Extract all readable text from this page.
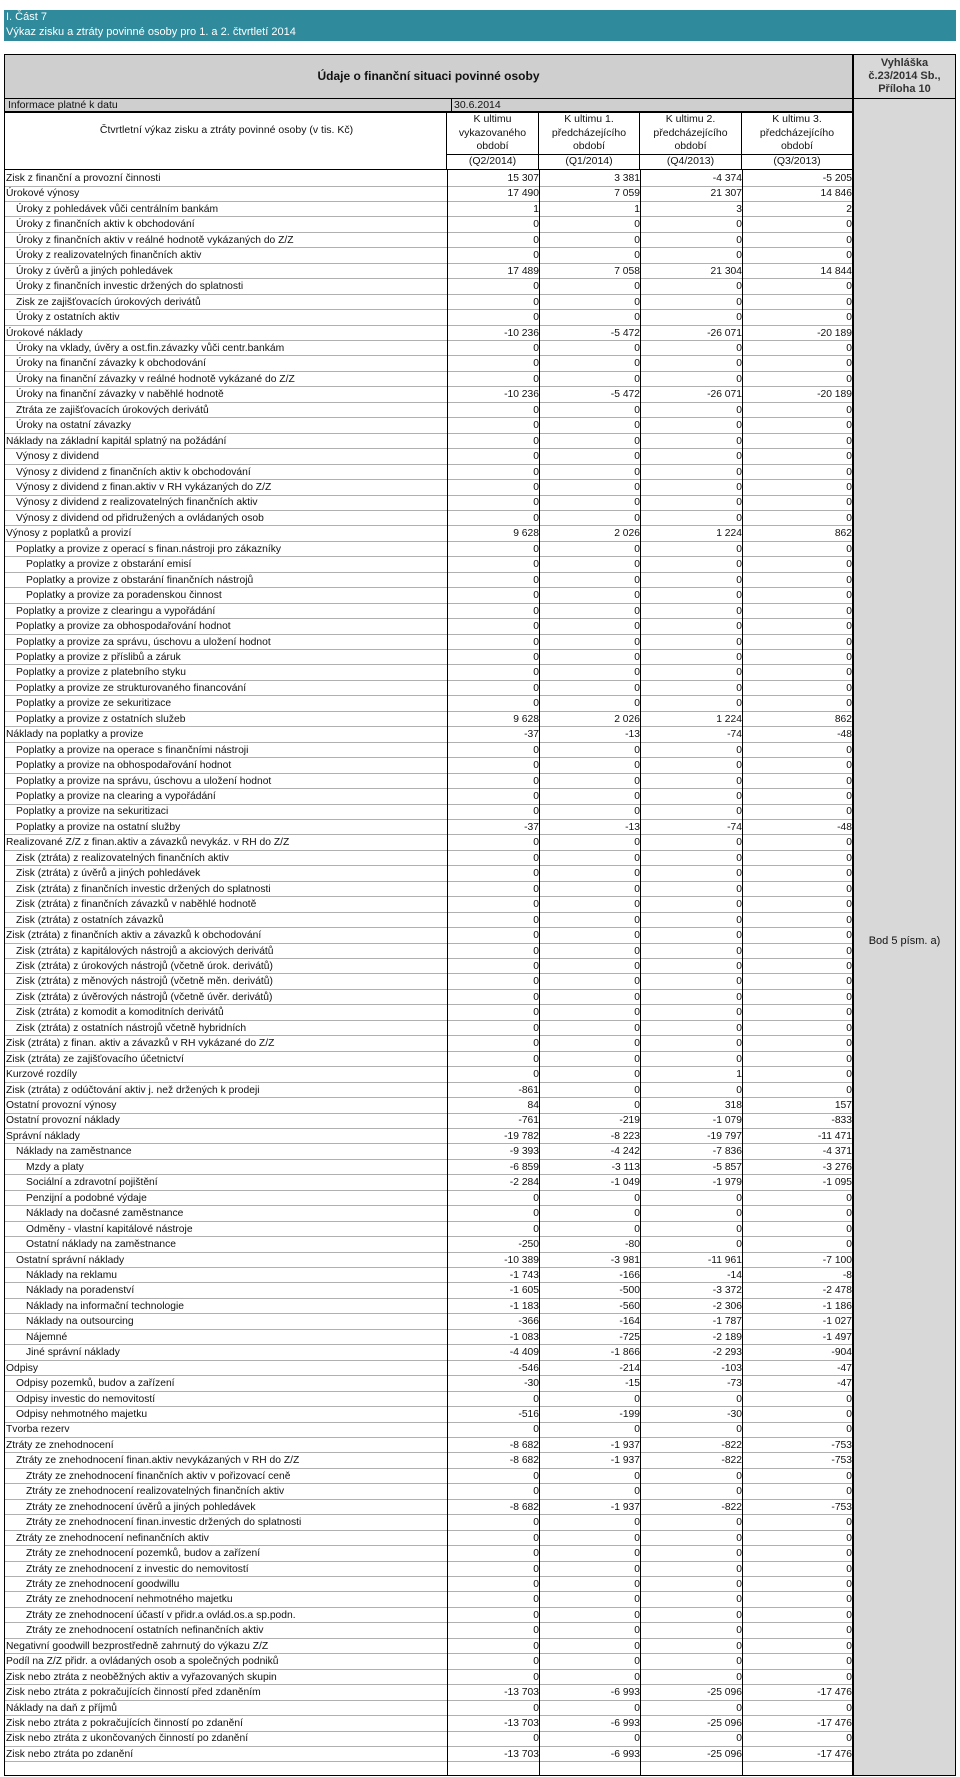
I. Část 7
Výkaz zisku a ztráty povinné osoby pro 1. a 2. čtvrtletí 2014
Údaje o finanční situaci povinné osoby
Informace platné k datu	30.6.2014
Vyhláška
č.23/2014 Sb.,
Příloha 10
Bod 5 písm. a)
Čtvrtletní výkaz zisku a ztráty povinné osoby (v tis. Kč)
K ultimu
vykazovaného
období
(Q2/2014)
K ultimu 1.
předcházejícího
období
(Q1/2014)
K ultimu 2.
předcházejícího
období
(Q4/2013)
K ultimu 3.
předcházejícího
období
(Q3/2013)
Zisk z finanční a provozní činnosti	15 307	3 381	-4 374	-5 205
Úrokové výnosy	17 490	7 059	21 307	14 846
Úroky z pohledávek vůči centrálním bankám	1	1	3	2
Úroky z finančních aktiv k obchodování	0	0	0	0
Úroky z finančních aktiv v reálné hodnotě vykázaných do Z/Z	0	0	0	0
Úroky z realizovatelných finančních aktiv	0	0	0	0
Úroky z úvěrů a jiných pohledávek	17 489	7 058	21 304	14 844
Úroky z finančních investic držených do splatnosti	0	0	0	0
Zisk ze zajišťovacích úrokových derivátů	0	0	0	0
Úroky z ostatních aktiv	0	0	0	0
Úrokové náklady	-10 236	-5 472	-26 071	-20 189
Úroky na vklady, úvěry a ost.fin.závazky vůči centr.bankám	0	0	0	0
Úroky na finanční závazky k obchodování	0	0	0	0
Úroky na finanční závazky v reálné hodnotě vykázané do Z/Z	0	0	0	0
Úroky na finanční závazky v naběhlé hodnotě	-10 236	-5 472	-26 071	-20 189
Ztráta ze zajišťovacích úrokových derivátů	0	0	0	0
Úroky na ostatní závazky	0	0	0	0
Náklady na základní kapitál splatný na požádání	0	0	0	0
Výnosy z dividend	0	0	0	0
Výnosy z dividend z finančních aktiv k obchodování	0	0	0	0
Výnosy z dividend z finan.aktiv v RH vykázaných do Z/Z	0	0	0	0
Výnosy z dividend z realizovatelných finančních aktiv	0	0	0	0
Výnosy z dividend od přidružených a ovládaných osob	0	0	0	0
Výnosy z poplatků a provizí	9 628	2 026	1 224	862
Poplatky a provize z operací s finan.nástroji pro zákazníky	0	0	0	0
Poplatky a provize z obstarání emisí	0	0	0	0
Poplatky a provize z obstarání finančních nástrojů	0	0	0	0
Poplatky a provize za poradenskou činnost	0	0	0	0
Poplatky a provize z clearingu a vypořádání	0	0	0	0
Poplatky a provize za obhospodařování hodnot	0	0	0	0
Poplatky a provize za správu, úschovu a uložení hodnot	0	0	0	0
Poplatky a provize z příslibů a záruk	0	0	0	0
Poplatky a provize z platebního styku	0	0	0	0
Poplatky a provize ze strukturovaného financování	0	0	0	0
Poplatky a provize ze sekuritizace	0	0	0	0
Poplatky a provize z ostatních služeb	9 628	2 026	1 224	862
Náklady na poplatky a provize	-37	-13	-74	-48
Poplatky a provize na operace s finančními nástroji	0	0	0	0
Poplatky a provize na obhospodařování hodnot	0	0	0	0
Poplatky a provize na správu, úschovu a uložení hodnot	0	0	0	0
Poplatky a provize na clearing a vypořádání	0	0	0	0
Poplatky a provize na sekuritizaci	0	0	0	0
Poplatky a provize na ostatní služby	-37	-13	-74	-48
Realizované Z/Z z finan.aktiv a závazků nevykáz. v RH do Z/Z	0	0	0	0
Zisk (ztráta) z realizovatelných finančních aktiv	0	0	0	0
Zisk (ztráta) z úvěrů a jiných pohledávek	0	0	0	0
Zisk (ztráta) z finančních investic držených do splatnosti	0	0	0	0
Zisk (ztráta) z finančních závazků v naběhlé hodnotě	0	0	0	0
Zisk (ztráta) z ostatních závazků	0	0	0	0
Zisk (ztráta) z finančních aktiv a závazků k obchodování	0	0	0	0
Zisk (ztráta) z kapitálových nástrojů a akciových derivátů	0	0	0	0
Zisk (ztráta) z úrokových nástrojů (včetně úrok. derivátů)	0	0	0	0
Zisk (ztráta) z měnových nástrojů (včetně měn. derivátů)	0	0	0	0
Zisk (ztráta) z úvěrových nástrojů (včetně úvěr. derivátů)	0	0	0	0
Zisk (ztráta) z komodit a komoditních derivátů	0	0	0	0
Zisk (ztráta) z ostatních nástrojů včetně hybridních	0	0	0	0
Zisk (ztráta) z finan. aktiv a závazků v RH vykázané do Z/Z	0	0	0	0
Zisk (ztráta) ze zajišťovacího účetnictví	0	0	0	0
Kurzové rozdíly	0	0	1	0
Zisk (ztráta) z odúčtování aktiv j. než držených k prodeji	-861	0	0	0
Ostatní provozní výnosy	84	0	318	157
Ostatní provozní náklady	-761	-219	-1 079	-833
Správní náklady	-19 782	-8 223	-19 797	-11 471
Náklady na zaměstnance	-9 393	-4 242	-7 836	-4 371
Mzdy a platy	-6 859	-3 113	-5 857	-3 276
Sociální a zdravotní pojištění	-2 284	-1 049	-1 979	-1 095
Penzijní a podobné výdaje	0	0	0	0
Náklady na dočasné zaměstnance	0	0	0	0
Odměny - vlastní kapitálové nástroje	0	0	0	0
Ostatní náklady na zaměstnance	-250	-80	0	0
Ostatní správní náklady	-10 389	-3 981	-11 961	-7 100
Náklady na reklamu	-1 743	-166	-14	-8
Náklady na poradenství	-1 605	-500	-3 372	-2 478
Náklady na informační technologie	-1 183	-560	-2 306	-1 186
Náklady na outsourcing	-366	-164	-1 787	-1 027
Nájemné	-1 083	-725	-2 189	-1 497
Jiné správní náklady	-4 409	-1 866	-2 293	-904
Odpisy	-546	-214	-103	-47
Odpisy pozemků, budov a zařízení	-30	-15	-73	-47
Odpisy investic do nemovitostí	0	0	0	0
Odpisy nehmotného majetku	-516	-199	-30	0
Tvorba rezerv	0	0	0	0
Ztráty ze znehodnocení	-8 682	-1 937	-822	-753
Ztráty ze znehodnocení finan.aktiv nevykázaných v RH do Z/Z	-8 682	-1 937	-822	-753
Ztráty ze znehodnocení finančních aktiv v pořizovací ceně	0	0	0	0
Ztráty ze znehodnocení realizovatelných finančních aktiv	0	0	0	0
Ztráty ze znehodnocení úvěrů a jiných pohledávek	-8 682	-1 937	-822	-753
Ztráty ze znehodnocení finan.investic držených do splatnosti	0	0	0	0
Ztráty ze znehodnocení nefinančních aktiv	0	0	0	0
Ztráty ze znehodnocení pozemků, budov a zařízení	0	0	0	0
Ztráty ze znehodnocení z investic do nemovitostí	0	0	0	0
Ztráty ze znehodnocení goodwillu	0	0	0	0
Ztráty ze znehodnocení nehmotného majetku	0	0	0	0
Ztráty ze znehodnocení účastí v přidr.a ovlád.os.a sp.podn.	0	0	0	0
Ztráty ze znehodnocení ostatních nefinančních aktiv	0	0	0	0
Negativní goodwill bezprostředně zahrnutý do výkazu Z/Z	0	0	0	0
Podíl na Z/Z přidr. a ovládaných osob a společných podniků	0	0	0	0
Zisk nebo ztráta z neoběžných aktiv a vyřazovaných skupin	0	0	0	0
Zisk nebo ztráta z pokračujících činností před zdaněním	-13 703	-6 993	-25 096	-17 476
Náklady na daň z příjmů	0	0	0	0
Zisk nebo ztráta z pokračujících činností po zdanění	-13 703	-6 993	-25 096	-17 476
Zisk nebo ztráta z ukončovaných činností po zdanění	0	0	0	0
Zisk nebo ztráta po zdanění	-13 703	-6 993	-25 096	-17 476
